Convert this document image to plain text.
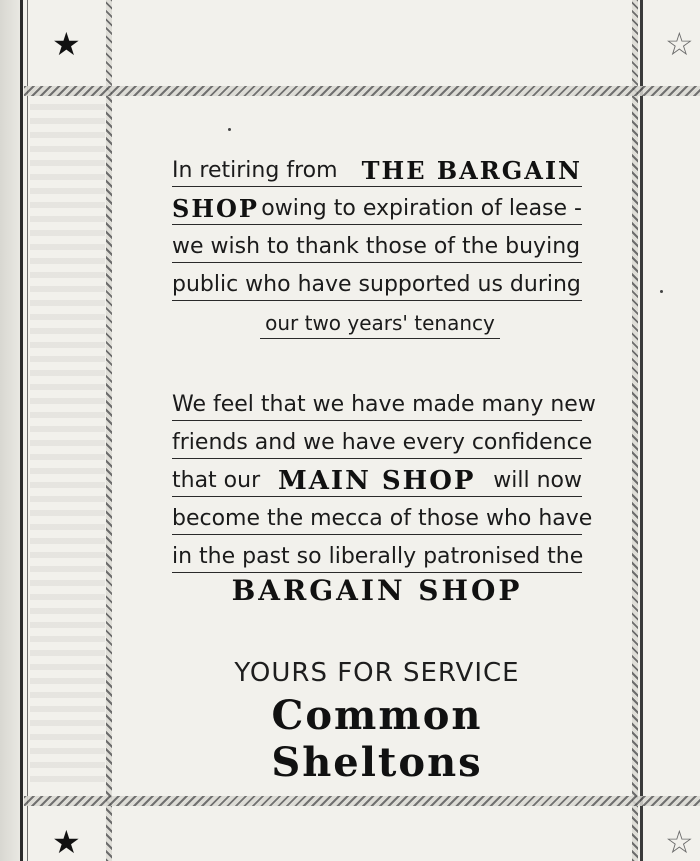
★	☆
★	☆
In retiring from THE BARGAIN
SHOP owing to expiration of lease -
we wish to thank those of the buying
public who have supported us during
our two years' tenancy
We feel that we have made many new
friends and we have every confidence
that our MAIN SHOP will now
become the mecca of those who have
in the past so liberally patronised the
BARGAIN SHOP
YOURS FOR SERVICE
Common Sheltons
